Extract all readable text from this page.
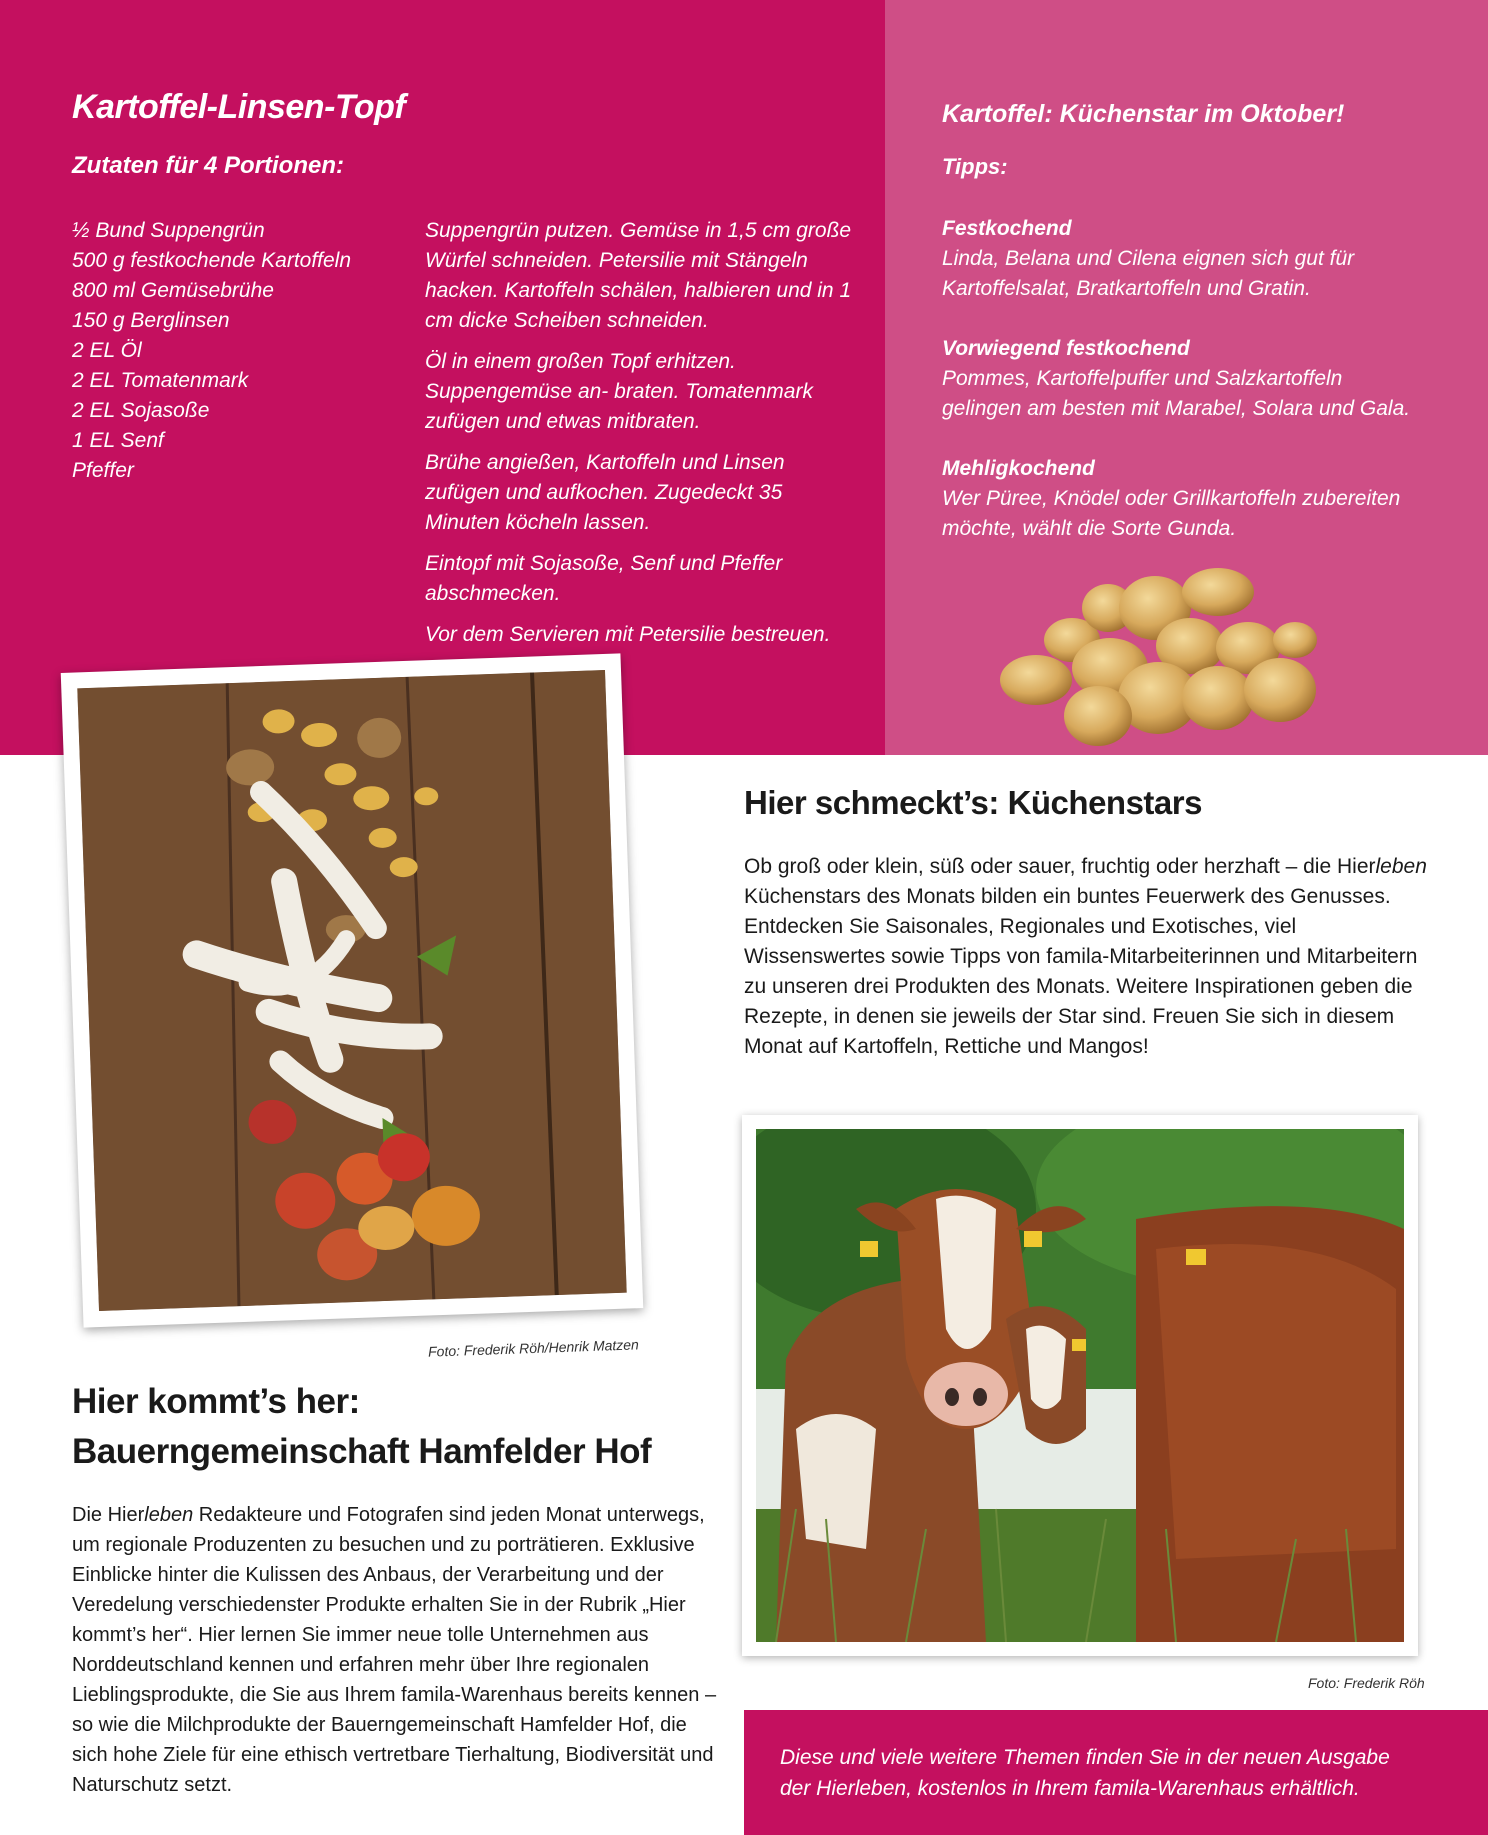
Kartoffel-Linsen-Topf
Zutaten für 4 Portionen:
½ Bund Suppengrün
500 g festkochende Kartoffeln
800 ml Gemüsebrühe
150 g Berglinsen
2 EL Öl
2 EL Tomatenmark
2 EL Sojasoße
1 EL Senf
Pfeffer

Suppengrün putzen. Gemüse in 1,5 cm große Würfel schneiden. Petersilie mit Stängeln hacken. Kartoffeln schälen, halbieren und in 1 cm dicke Scheiben schneiden.

Öl in einem großen Topf erhitzen. Suppengemüse an- braten. Tomatenmark zufügen und etwas mitbraten.

Brühe angießen, Kartoffeln und Linsen zufügen und aufkochen. Zugedeckt 35 Minuten köcheln lassen.

Eintopf mit Sojasoße, Senf und Pfeffer abschmecken.

Vor dem Servieren mit Petersilie bestreuen.

Kartoffel: Küchenstar im Oktober!
Tipps:
Festkochend
Linda, Belana und Cilena eignen sich gut für Kartoffelsalat, Bratkartoffeln und Gratin.
Vorwiegend festkochend
Pommes, Kartoffelpuffer und Salzkartoffeln gelingen am besten mit Marabel, Solara und Gala.
Mehligkochend
Wer Püree, Knödel oder Grillkartoffeln zubereiten möchte, wählt die Sorte Gunda.
Foto: Frederik Röh/Henrik Matzen
Hier schmeckt’s: Küchenstars
Ob groß oder klein, süß oder sauer, fruchtig oder herzhaft – die Hierleben Küchenstars des Monats bilden ein buntes Feuerwerk des Genusses. Entdecken Sie Saisonales, Regionales und Exotisches, viel Wissenswertes sowie Tipps von famila-Mitarbeiterinnen und Mitarbeitern zu unseren drei Produkten des Monats. Weitere Inspirationen geben die Rezepte, in denen sie jeweils der Star sind. Freuen Sie sich in diesem Monat auf Kartoffeln, Rettiche und Mangos!
Hier kommt’s her:
Bauerngemeinschaft Hamfelder Hof
Die Hierleben Redakteure und Fotografen sind jeden Monat unterwegs, um regionale Produzenten zu besuchen und zu porträtieren. Exklusive Einblicke hinter die Kulissen des Anbaus, der Verarbeitung und der Veredelung verschiedenster Produkte erhalten Sie in der Rubrik „Hier kommt’s her“. Hier lernen Sie immer neue tolle Unternehmen aus Norddeutschland kennen und erfahren mehr über Ihre regionalen Lieblingsprodukte, die Sie aus Ihrem famila-Warenhaus bereits kennen – so wie die Milchprodukte der Bauerngemeinschaft Hamfelder Hof, die sich hohe Ziele für eine ethisch vertretbare Tierhaltung, Biodiversität und Naturschutz setzt.
Foto: Frederik Röh
Diese und viele weitere Themen finden Sie in der neuen Ausgabe
der Hierleben, kostenlos in Ihrem famila-Warenhaus erhältlich.
